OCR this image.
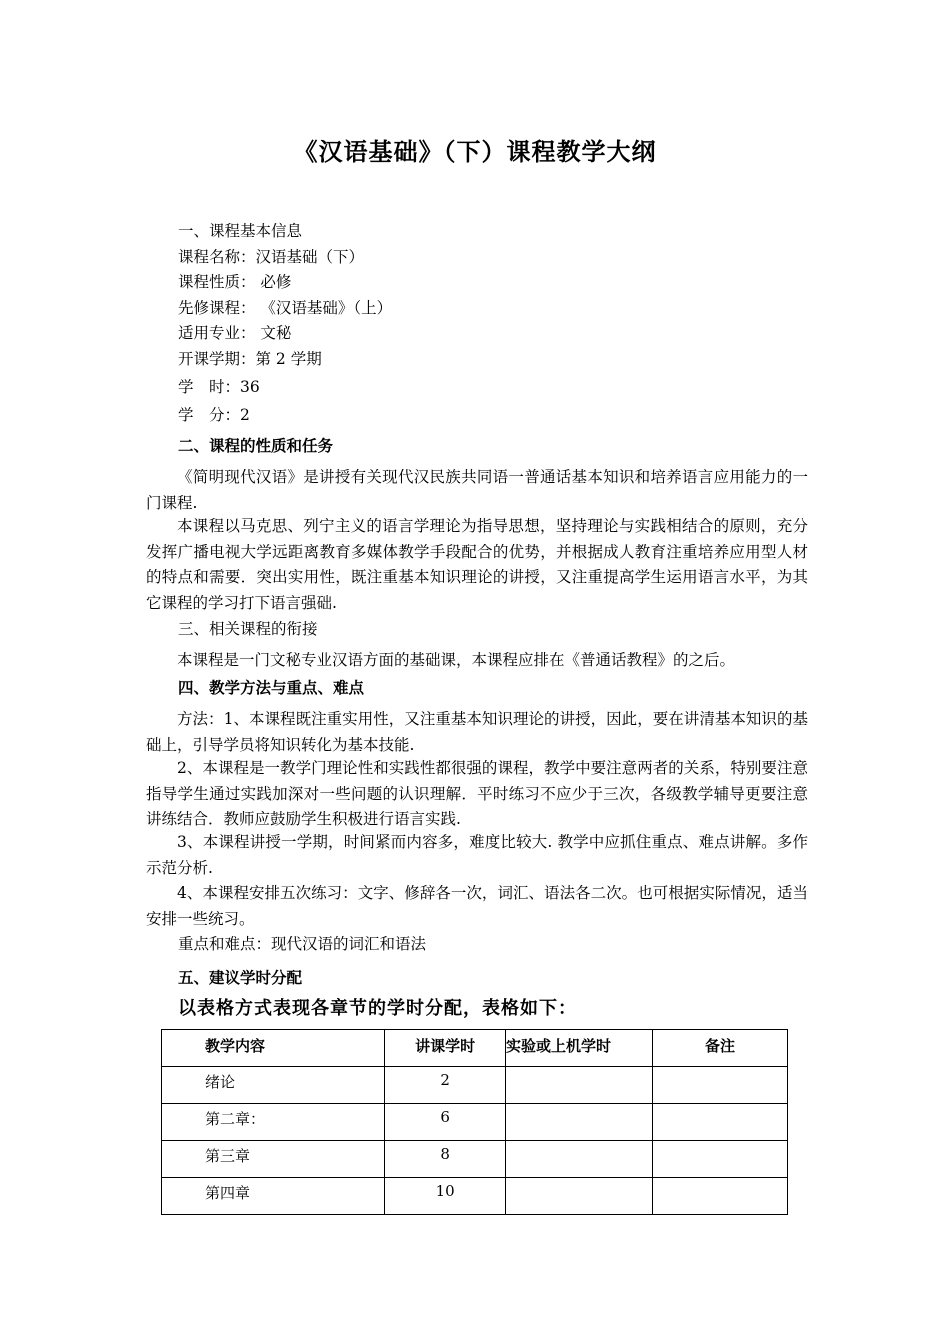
《汉语基础》（下）课程教学大纲
一、课程基本信息
课程名称：汉语基础（下）
课程性质： 必修
先修课程： 《汉语基础》（上）
适用专业： 文秘
开课学期：第 2 学期
学　时：36
学　分：2
二、课程的性质和任务

《简明现代汉语》是讲授有关现代汉民族共同语一普通话基本知识和培养语言应用能力的一门课程.

本课程以马克思、列宁主义的语言学理论为指导思想，坚持理论与实践相结合的原则，充分发挥广播电视大学远距离教育多媒体教学手段配合的优势，并根据成人教育注重培养应用型人材的特点和需要．突出实用性，既注重基本知识理论的讲授，又注重提高学生运用语言水平，为其它课程的学习打下语言强础.

三、相关课程的衔接

本课程是一门文秘专业汉语方面的基础课，本课程应排在《普通话教程》的之后。

四、教学方法与重点、难点

方法：1、本课程既注重实用性，又注重基本知识理论的讲授，因此，要在讲清基本知识的基础上，引导学员将知识转化为基本技能.

2、本课程是一教学门理论性和实践性都很强的课程，教学中要注意两者的关系，特别要注意指导学生通过实践加深对一些问题的认识理解．平时练习不应少于三次，各级教学辅导更要注意讲练结合．教师应鼓励学生积极进行语言实践.

3、本课程讲授一学期，时间紧而内容多，难度比较大. 教学中应抓住重点、难点讲解。多作示范分析.

4、本课程安排五次练习：文字、修辞各一次，词汇、语法各二次。也可根据实际情况，适当安排一些统习。

重点和难点：现代汉语的词汇和语法
五、建议学时分配
以表格方式表现各章节的学时分配，表格如下：
教学内容	讲课学时	实验或上机学时	备注
绪论	2		
第二章：	6		
第三章	8		
第四章	10		
